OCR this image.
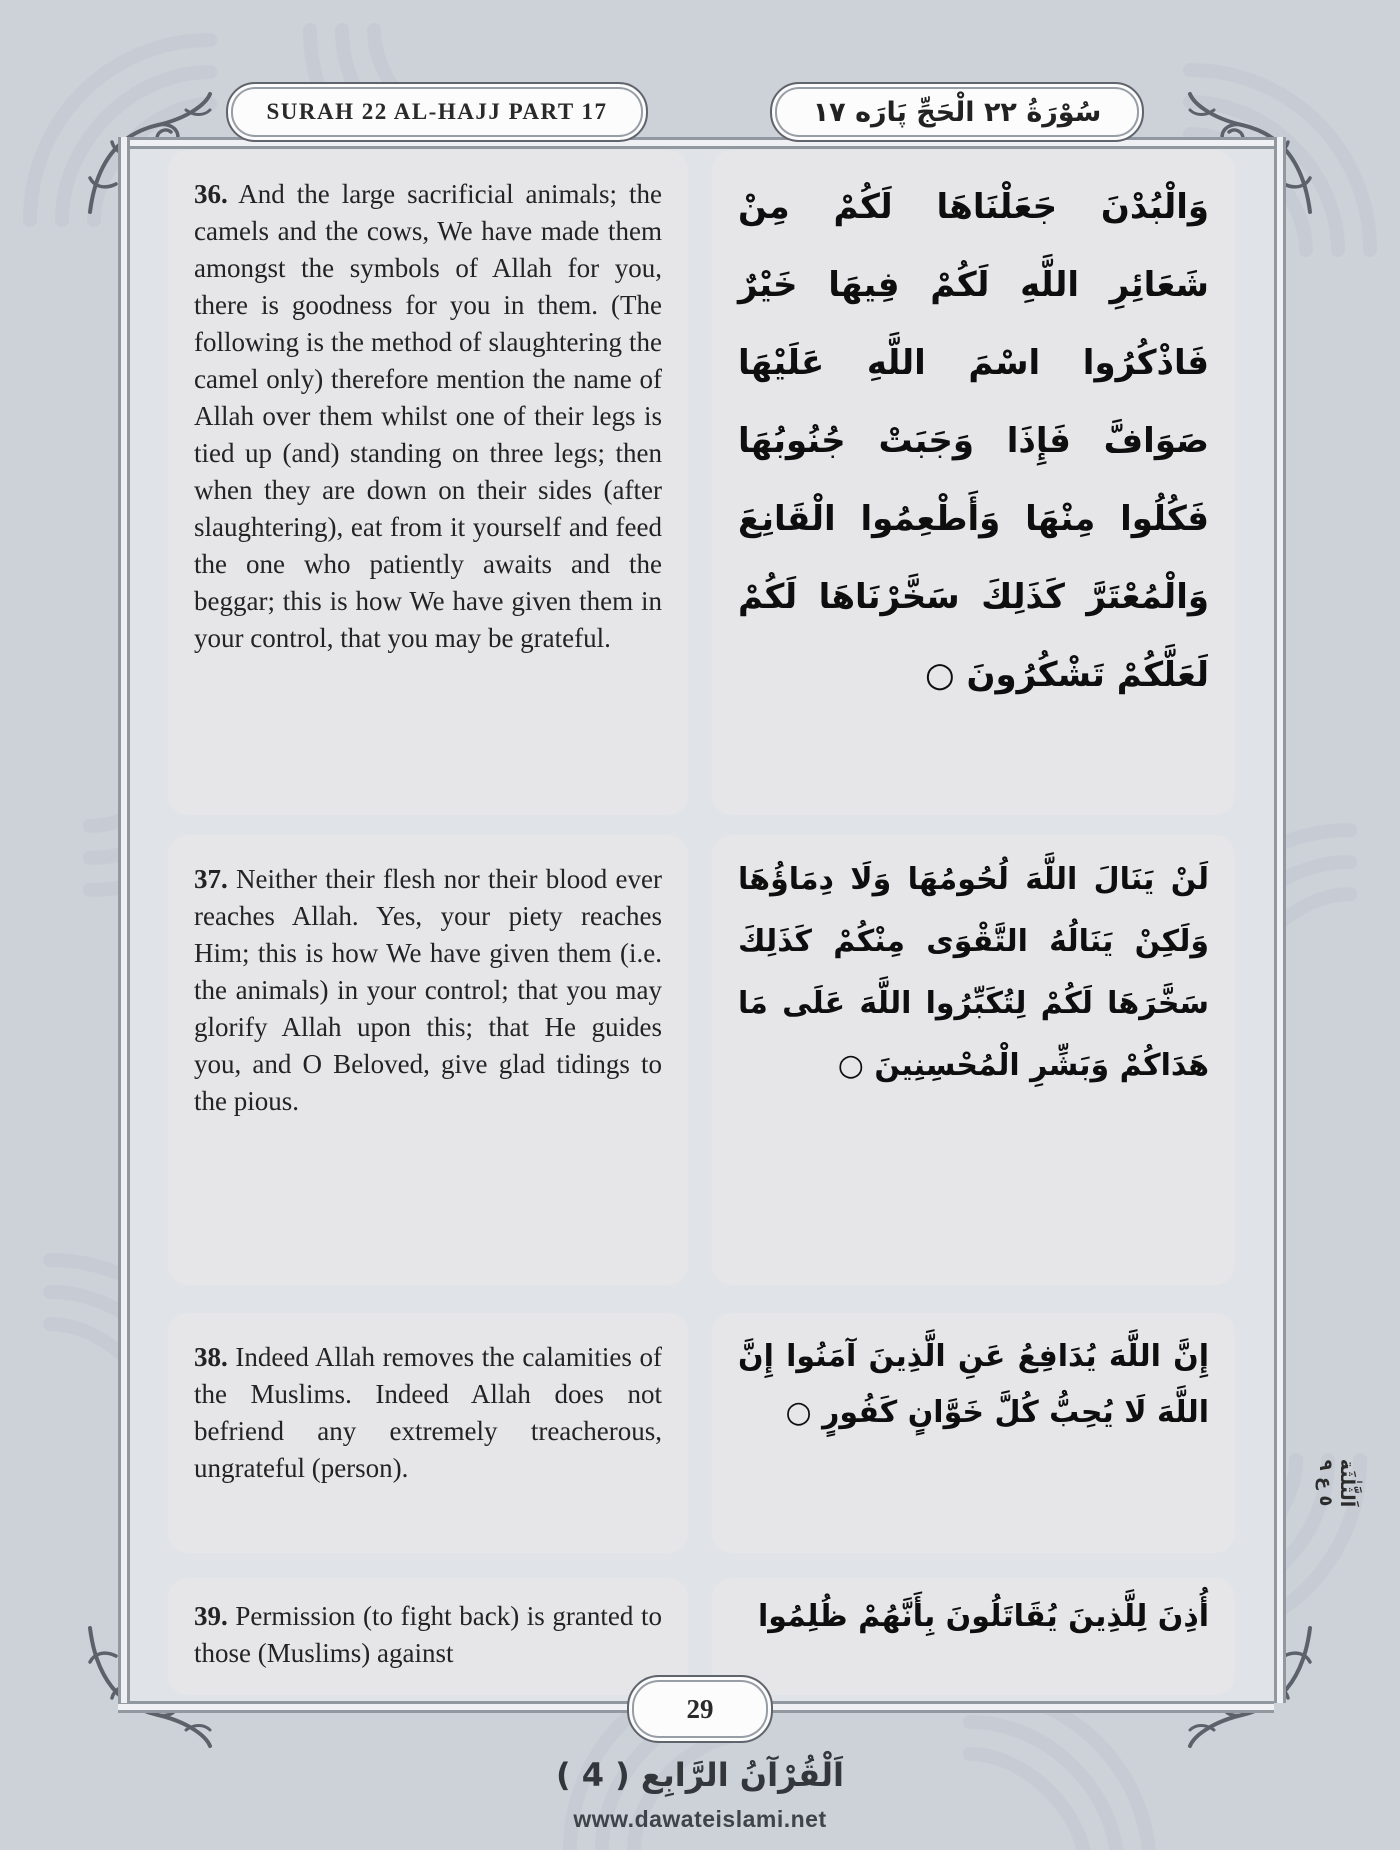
SURAH 22 AL-HAJJ PART 17	سُوْرَةُ ٢٢ الْحَجِّ پَارَه ١٧
36. And the large sacrificial animals; the camels and the cows, We have made them amongst the symbols of Allah for you, there is goodness for you in them. (The following is the method of slaughtering the camel only) therefore mention the name of Allah over them whilst one of their legs is tied up (and) standing on three legs; then when they are down on their sides (after slaughtering), eat from it yourself and feed the one who patiently awaits and the beggar; this is how We have given them in your control, that you may be grateful.
وَالْبُدْنَ جَعَلْنَاهَا لَكُمْ مِنْ شَعَائِرِ اللَّهِ لَكُمْ فِيهَا خَيْرٌ فَاذْكُرُوا اسْمَ اللَّهِ عَلَيْهَا صَوَافَّ فَإِذَا وَجَبَتْ جُنُوبُهَا فَكُلُوا مِنْهَا وَأَطْعِمُوا الْقَانِعَ وَالْمُعْتَرَّ كَذَلِكَ سَخَّرْنَاهَا لَكُمْ لَعَلَّكُمْ تَشْكُرُونَ ○
37. Neither their flesh nor their blood ever reaches Allah. Yes, your piety reaches Him; this is how We have given them (i.e. the animals) in your control; that you may glorify Allah upon this; that He guides you, and O Beloved, give glad tidings to the pious.
لَنْ يَنَالَ اللَّهَ لُحُومُهَا وَلَا دِمَاؤُهَا وَلَكِنْ يَنَالُهُ التَّقْوَى مِنْكُمْ كَذَلِكَ سَخَّرَهَا لَكُمْ لِتُكَبِّرُوا اللَّهَ عَلَى مَا هَدَاكُمْ وَبَشِّرِ الْمُحْسِنِينَ ○
38. Indeed Allah removes the calamities of the Muslims. Indeed Allah does not befriend any extremely treacherous, ungrateful (person).
إِنَّ اللَّهَ يُدَافِعُ عَنِ الَّذِينَ آمَنُوا إِنَّ اللَّهَ لَا يُحِبُّ كُلَّ خَوَّانٍ كَفُورٍ ○
39. Permission (to fight back) is granted to those (Muslims) against
أُذِنَ لِلَّذِينَ يُقَاتَلُونَ بِأَنَّهُمْ ظُلِمُوا
اَلثَّلٰثَة
٥ ع ٩
29
اَلْقُرْآنُ الرَّابِع ( 4 )
www.dawateislami.net
